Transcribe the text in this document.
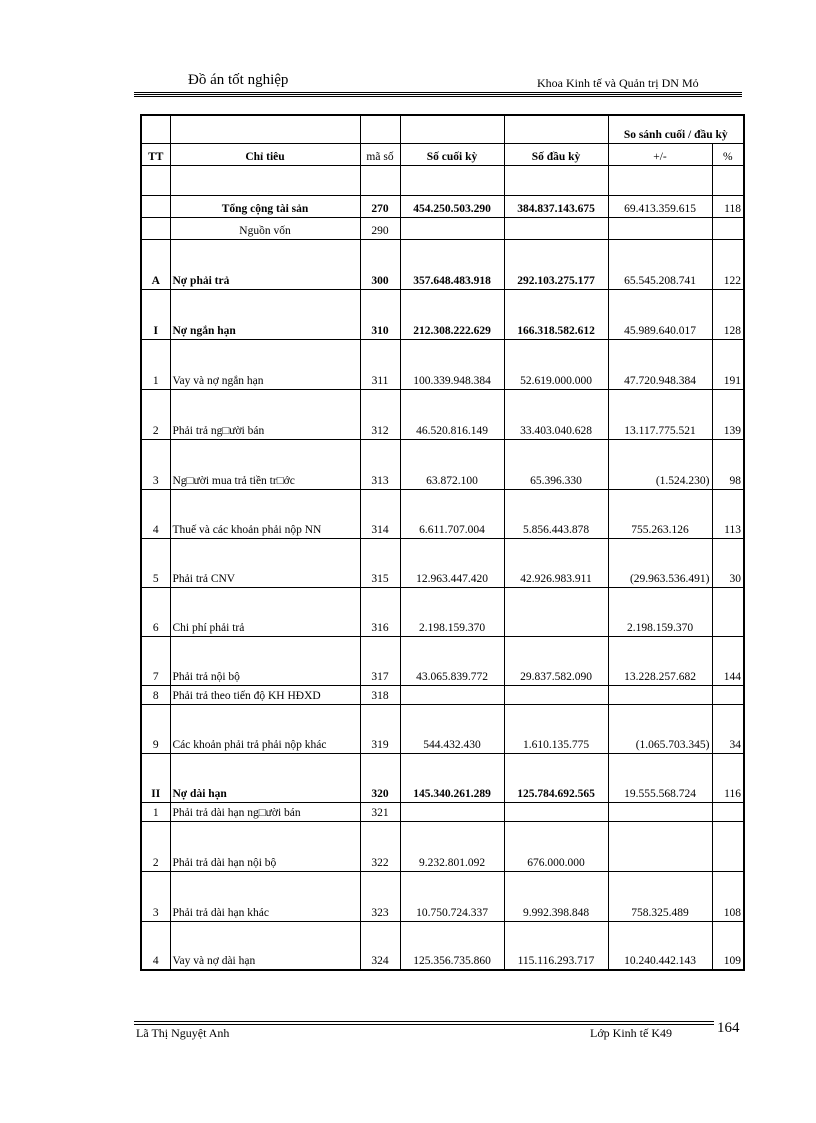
Đồ án tốt nghiệp	Khoa Kinh tế và Quản trị DN Mỏ
					So sánh cuối / đầu kỳ	
TT	Chỉ tiêu	mã số	Số cuối kỳ	Số đầu kỳ	+/-	%

	Tổng cộng tài sản	270	454.250.503.290	384.837.143.675	69.413.359.615	118
	Nguồn vốn	290				
A	Nợ phải trả	300	357.648.483.918	292.103.275.177	65.545.208.741	122
I	Nợ ngắn hạn	310	212.308.222.629	166.318.582.612	45.989.640.017	128
1	Vay và nợ ngắn hạn	311	100.339.948.384	52.619.000.000	47.720.948.384	191
2	Phải trả ng□ười bán	312	46.520.816.149	33.403.040.628	13.117.775.521	139
3	Ng□ười mua trả tiền tr□ớc	313	63.872.100	65.396.330	(1.524.230)	98
4	Thuế và các khoản phải nộp NN	314	6.611.707.004	5.856.443.878	755.263.126	113
5	Phải trả CNV	315	12.963.447.420	42.926.983.911	(29.963.536.491)	30
6	Chi phí phải trả	316	2.198.159.370		2.198.159.370	
7	Phải trả nội bộ	317	43.065.839.772	29.837.582.090	13.228.257.682	144
8	Phải trả theo tiến độ KH HĐXD	318				
9	Các khoản phải trả phải nộp khác	319	544.432.430	1.610.135.775	(1.065.703.345)	34
II	Nợ dài hạn	320	145.340.261.289	125.784.692.565	19.555.568.724	116
1	Phải trả dài hạn ng□ười bán	321				
2	Phải trả dài hạn nội bộ	322	9.232.801.092	676.000.000		
3	Phải trả dài hạn khác	323	10.750.724.337	9.992.398.848	758.325.489	108
4	Vay và nợ dài hạn	324	125.356.735.860	115.116.293.717	10.240.442.143	109
Lã Thị Nguyệt Anh	Lớp Kinh tế K49	164
